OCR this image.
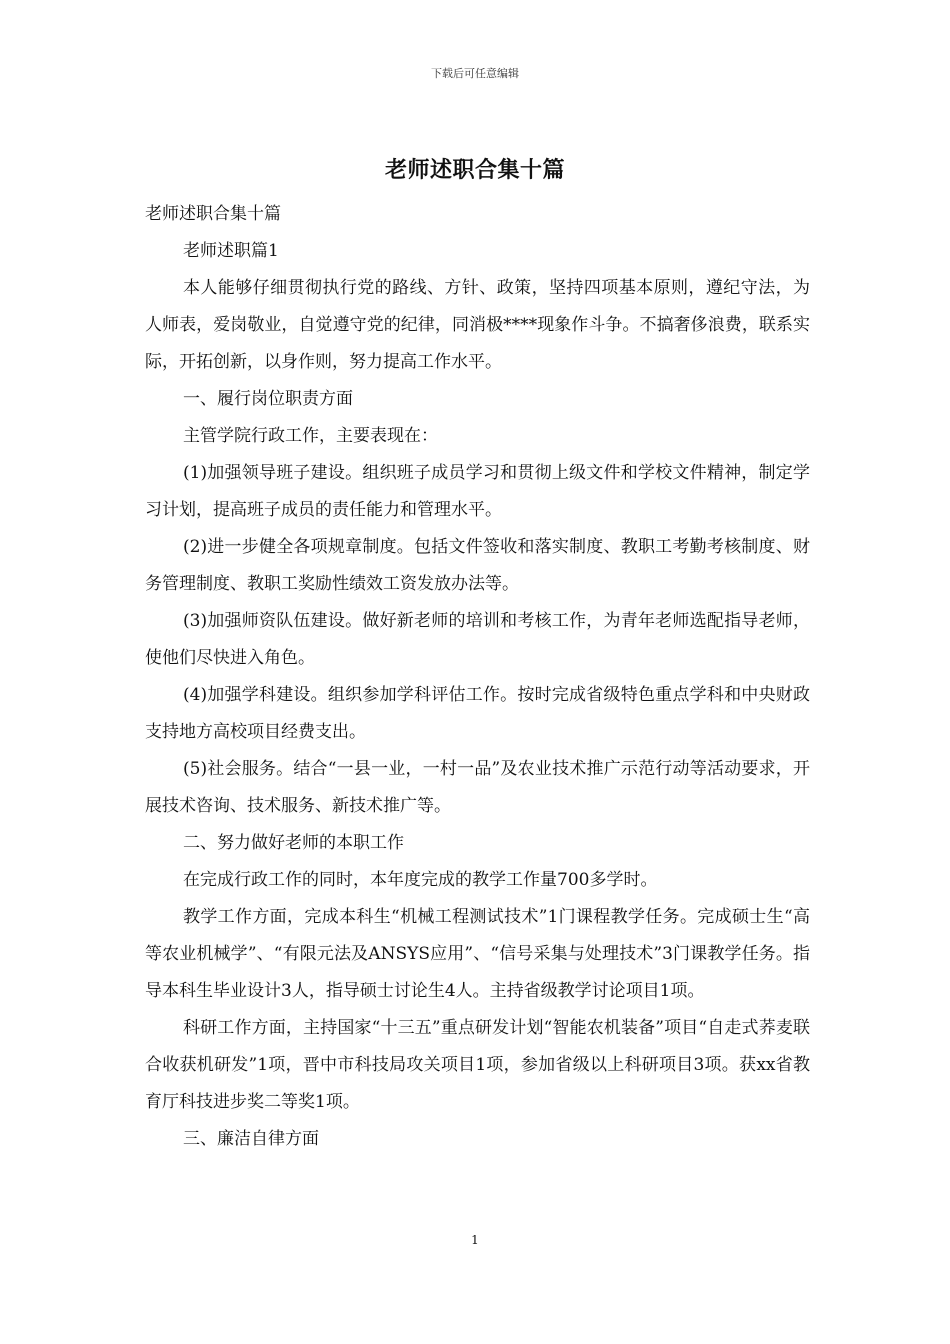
下载后可任意编辑
老师述职合集十篇

老师述职合集十篇

老师述职篇1

本人能够仔细贯彻执行党的路线、方针、政策，坚持四项基本原则，遵纪守法，为人师表，爱岗敬业，自觉遵守党的纪律，同消极****现象作斗争。不搞奢侈浪费，联系实际，开拓创新，以身作则，努力提高工作水平。

一、履行岗位职责方面

主管学院行政工作，主要表现在：

(1)加强领导班子建设。组织班子成员学习和贯彻上级文件和学校文件精神，制定学习计划，提高班子成员的责任能力和管理水平。

(2)进一步健全各项规章制度。包括文件签收和落实制度、教职工考勤考核制度、财务管理制度、教职工奖励性绩效工资发放办法等。

(3)加强师资队伍建设。做好新老师的培训和考核工作，为青年老师选配指导老师，使他们尽快进入角色。

(4)加强学科建设。组织参加学科评估工作。按时完成省级特色重点学科和中央财政支持地方高校项目经费支出。

(5)社会服务。结合“一县一业，一村一品”及农业技术推广示范行动等活动要求，开展技术咨询、技术服务、新技术推广等。

二、努力做好老师的本职工作

在完成行政工作的同时，本年度完成的教学工作量700多学时。

教学工作方面，完成本科生“机械工程测试技术”1门课程教学任务。完成硕士生“高等农业机械学”、“有限元法及ANSYS应用”、“信号采集与处理技术”3门课教学任务。指导本科生毕业设计3人，指导硕士讨论生4人。主持省级教学讨论项目1项。

科研工作方面，主持国家“十三五”重点研发计划“智能农机装备”项目“自走式荞麦联合收获机研发”1项，晋中市科技局攻关项目1项，参加省级以上科研项目3项。获xx省教育厅科技进步奖二等奖1项。

三、廉洁自律方面

1
